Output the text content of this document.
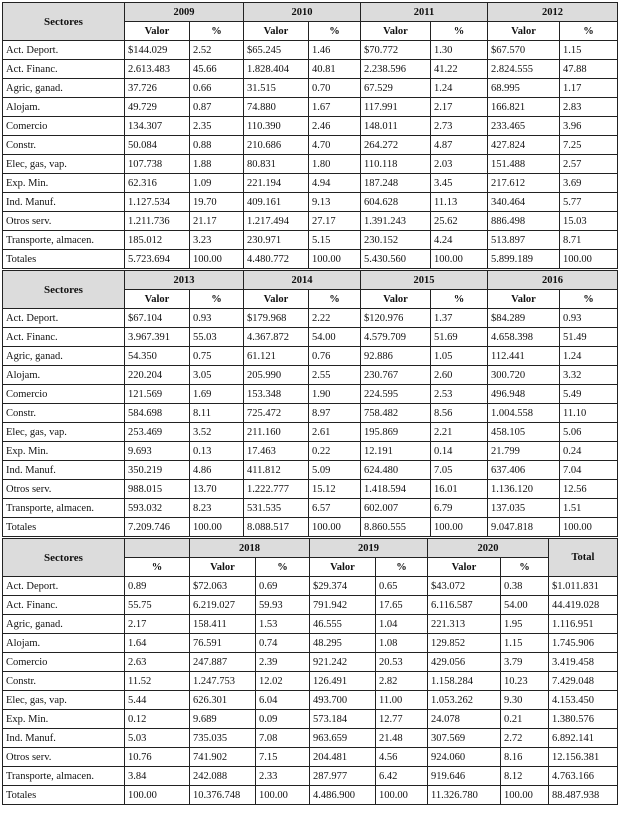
Sectores	2009		2010		2011		2012	
	Valor	%	Valor	%	Valor	%	Valor	%
Act. Deport.	$144.029	2.52	$65.245	1.46	$70.772	1.30	$67.570	1.15
Act. Financ.	2.613.483	45.66	1.828.404	40.81	2.238.596	41.22	2.824.555	47.88
Agric, ganad.	37.726	0.66	31.515	0.70	67.529	1.24	68.995	1.17
Alojam.	49.729	0.87	74.880	1.67	117.991	2.17	166.821	2.83
Comercio	134.307	2.35	110.390	2.46	148.011	2.73	233.465	3.96
Constr.	50.084	0.88	210.686	4.70	264.272	4.87	427.824	7.25
Elec, gas, vap.	107.738	1.88	80.831	1.80	110.118	2.03	151.488	2.57
Exp. Min.	62.316	1.09	221.194	4.94	187.248	3.45	217.612	3.69
Ind. Manuf.	1.127.534	19.70	409.161	9.13	604.628	11.13	340.464	5.77
Otros serv.	1.211.736	21.17	1.217.494	27.17	1.391.243	25.62	886.498	15.03
Transporte, almacen.	185.012	3.23	230.971	5.15	230.152	4.24	513.897	8.71
Totales	5.723.694	100.00	4.480.772	100.00	5.430.560	100.00	5.899.189	100.00
Sectores	2013		2014		2015		2016	
	Valor	%	Valor	%	Valor	%	Valor	%
Act. Deport.	$67.104	0.93	$179.968	2.22	$120.976	1.37	$84.289	0.93
Act. Financ.	3.967.391	55.03	4.367.872	54.00	4.579.709	51.69	4.658.398	51.49
Agric, ganad.	54.350	0.75	61.121	0.76	92.886	1.05	112.441	1.24
Alojam.	220.204	3.05	205.990	2.55	230.767	2.60	300.720	3.32
Comercio	121.569	1.69	153.348	1.90	224.595	2.53	496.948	5.49
Constr.	584.698	8.11	725.472	8.97	758.482	8.56	1.004.558	11.10
Elec, gas, vap.	253.469	3.52	211.160	2.61	195.869	2.21	458.105	5.06
Exp. Min.	9.693	0.13	17.463	0.22	12.191	0.14	21.799	0.24
Ind. Manuf.	350.219	4.86	411.812	5.09	624.480	7.05	637.406	7.04
Otros serv.	988.015	13.70	1.222.777	15.12	1.418.594	16.01	1.136.120	12.56
Transporte, almacen.	593.032	8.23	531.535	6.57	602.007	6.79	137.035	1.51
Totales	7.209.746	100.00	8.088.517	100.00	8.860.555	100.00	9.047.818	100.00
Sectores		2018		2019		2020		Total
	%	Valor	%	Valor	%	Valor	%	
Act. Deport.	0.89	$72.063	0.69	$29.374	0.65	$43.072	0.38	$1.011.831
Act. Financ.	55.75	6.219.027	59.93	791.942	17.65	6.116.587	54.00	44.419.028
Agric, ganad.	2.17	158.411	1.53	46.555	1.04	221.313	1.95	1.116.951
Alojam.	1.64	76.591	0.74	48.295	1.08	129.852	1.15	1.745.906
Comercio	2.63	247.887	2.39	921.242	20.53	429.056	3.79	3.419.458
Constr.	11.52	1.247.753	12.02	126.491	2.82	1.158.284	10.23	7.429.048
Elec, gas, vap.	5.44	626.301	6.04	493.700	11.00	1.053.262	9.30	4.153.450
Exp. Min.	0.12	9.689	0.09	573.184	12.77	24.078	0.21	1.380.576
Ind. Manuf.	5.03	735.035	7.08	963.659	21.48	307.569	2.72	6.892.141
Otros serv.	10.76	741.902	7.15	204.481	4.56	924.060	8.16	12.156.381
Transporte, almacen.	3.84	242.088	2.33	287.977	6.42	919.646	8.12	4.763.166
Totales	100.00	10.376.748	100.00	4.486.900	100.00	11.326.780	100.00	88.487.938
